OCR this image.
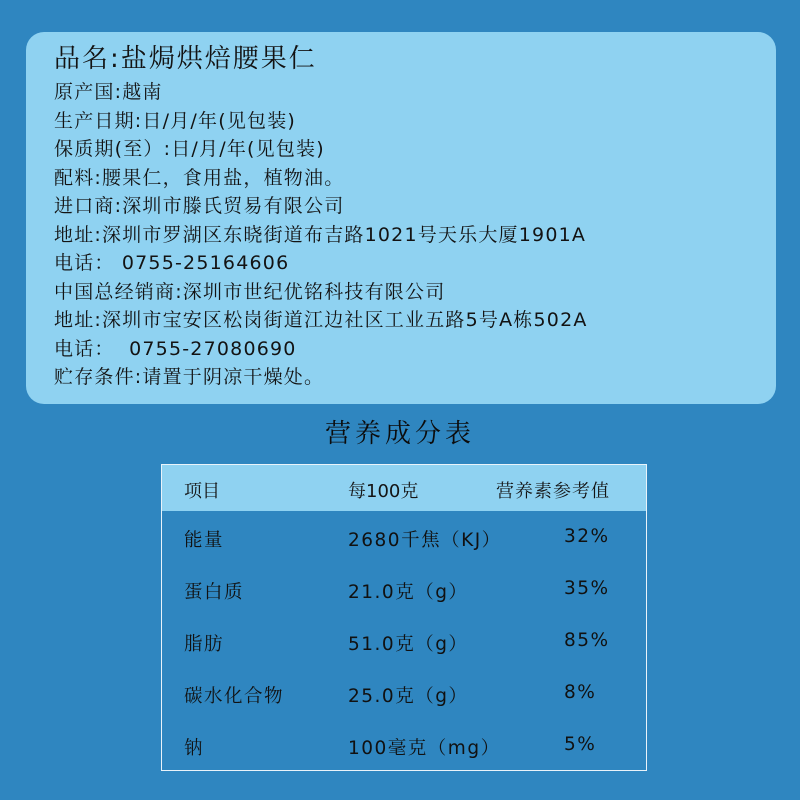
品名:盐焗烘焙腰果仁
原产国:越南
生产日期:日/月/年(见包装)
保质期(至）:日/月/年(见包装)
配料:腰果仁，食用盐，植物油。
进口商:深圳市滕氏贸易有限公司
地址:深圳市罗湖区东晓街道布吉路1021号天乐大厦1901A
电话： 0755-25164606
中国总经销商:深圳市世纪优铭科技有限公司
地址:深圳市宝安区松岗街道江边社区工业五路5号A栋502A
电话：  0755-27080690
贮存条件:请置于阴凉干燥处。
营养成分表
项目	每100克	营养素参考值
能量	2680千焦（KJ）	32%
蛋白质	21.0克（g）	35%
脂肪	51.0克（g）	85%
碳水化合物	25.0克（g）	8%
钠	100毫克（mg）	5%
